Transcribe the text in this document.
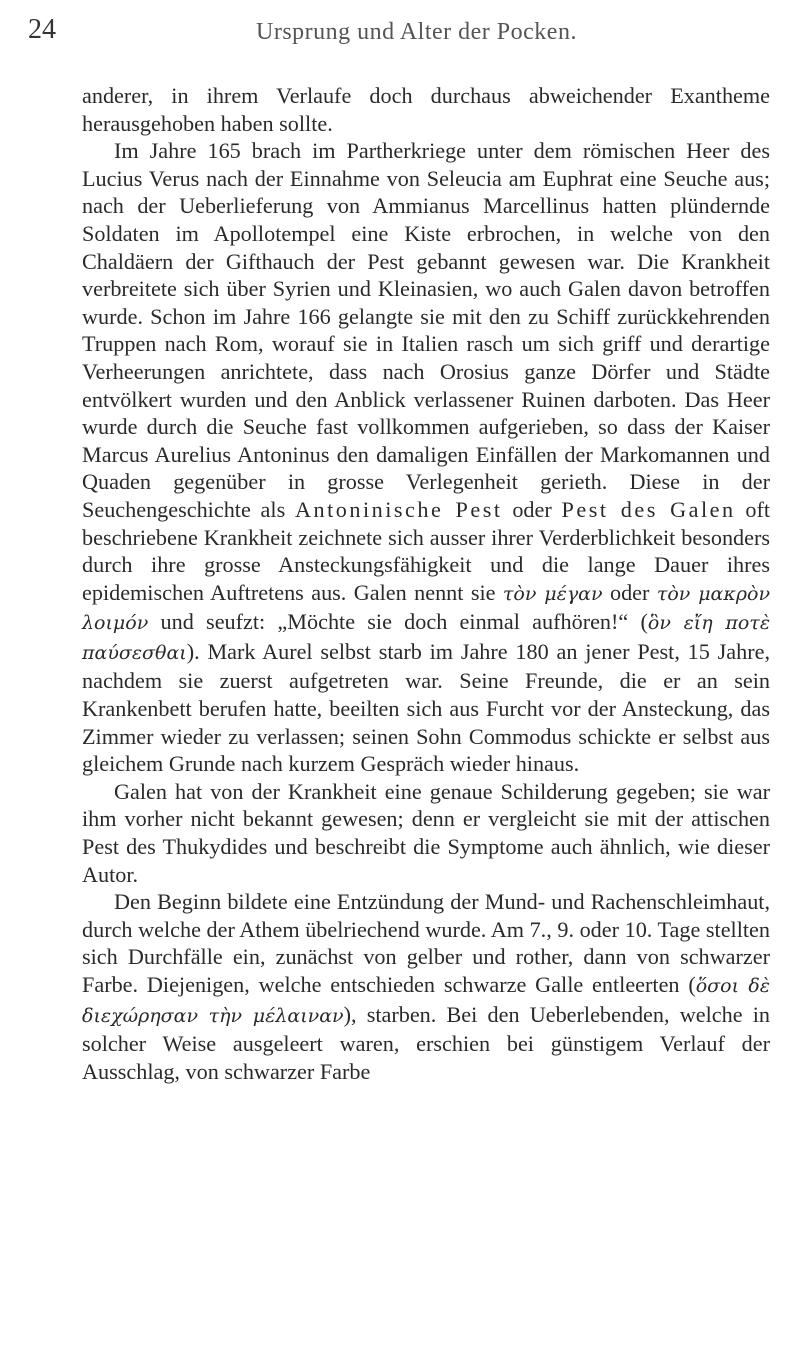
24	Ursprung und Alter der Pocken.

anderer, in ihrem Verlaufe doch durchaus abweichender Exantheme herausgehoben haben sollte.

Im Jahre 165 brach im Partherkriege unter dem römischen Heer des Lucius Verus nach der Einnahme von Seleucia am Euphrat eine Seuche aus; nach der Ueberlieferung von Ammianus Marcellinus hatten plündernde Soldaten im Apollotempel eine Kiste erbrochen, in welche von den Chaldäern der Gifthauch der Pest gebannt gewesen war. Die Krankheit verbreitete sich über Syrien und Kleinasien, wo auch Galen davon betroffen wurde. Schon im Jahre 166 gelangte sie mit den zu Schiff zurückkehrenden Truppen nach Rom, worauf sie in Italien rasch um sich griff und derartige Verheerungen anrichtete, dass nach Orosius ganze Dörfer und Städte entvölkert wurden und den Anblick verlassener Ruinen darboten. Das Heer wurde durch die Seuche fast vollkommen aufgerieben, so dass der Kaiser Marcus Aurelius Antoninus den damaligen Einfällen der Markomannen und Quaden gegenüber in grosse Verlegenheit gerieth. Diese in der Seuchengeschichte als Antoninische Pest oder Pest des Galen oft beschriebene Krankheit zeichnete sich ausser ihrer Verderblichkeit besonders durch ihre grosse Ansteckungsfähigkeit und die lange Dauer ihres epidemischen Auftretens aus. Galen nennt sie τὸν μέγαν oder τὸν μακρὸν λοιμόν und seufzt: „Möchte sie doch einmal aufhören!“ (ὃν εἴη ποτὲ παύσεσθαι). Mark Aurel selbst starb im Jahre 180 an jener Pest, 15 Jahre, nachdem sie zuerst aufgetreten war. Seine Freunde, die er an sein Krankenbett berufen hatte, beeilten sich aus Furcht vor der Ansteckung, das Zimmer wieder zu verlassen; seinen Sohn Commodus schickte er selbst aus gleichem Grunde nach kurzem Gespräch wieder hinaus.

Galen hat von der Krankheit eine genaue Schilderung gegeben; sie war ihm vorher nicht bekannt gewesen; denn er vergleicht sie mit der attischen Pest des Thukydides und beschreibt die Symptome auch ähnlich, wie dieser Autor.

Den Beginn bildete eine Entzündung der Mund- und Rachenschleimhaut, durch welche der Athem übelriechend wurde. Am 7., 9. oder 10. Tage stellten sich Durchfälle ein, zunächst von gelber und rother, dann von schwarzer Farbe. Diejenigen, welche entschieden schwarze Galle entleerten (ὅσοι δὲ διεχώρησαν τὴν μέλαιναν), starben. Bei den Ueberlebenden, welche in solcher Weise ausgeleert waren, erschien bei günstigem Verlauf der Ausschlag, von schwarzer Farbe
